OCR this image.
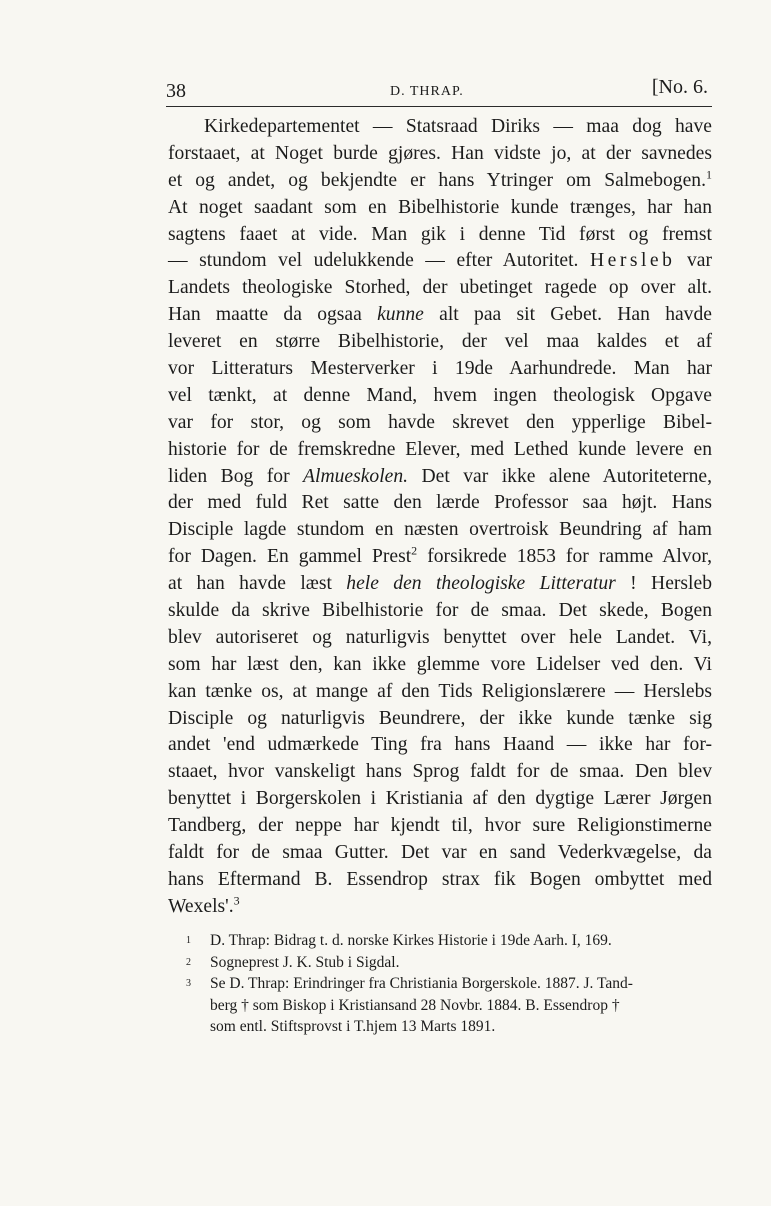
38	D. THRAP.	[No. 6.
Kirkedepartementet — Statsraad Diriks — maa dog have
forstaaet, at Noget burde gjøres. Han vidste jo, at der savnedes
et og andet, og bekjendte er hans Ytringer om Salmebogen.$^1$
At noget saadant som en Bibelhistorie kunde trænges, har han
sagtens faaet at vide. Man gik i denne Tid først og fremst
— stundom vel udelukkende — efter Autoritet. Hersleb var
Landets theologiske Storhed, der ubetinget ragede op over alt.
Han maatte da ogsaa kunne alt paa sit Gebet. Han havde
leveret en større Bibelhistorie, der vel maa kaldes et af
vor Litteraturs Mesterverker i 19de Aarhundrede. Man har
vel tænkt, at denne Mand, hvem ingen theologisk Opgave
var for stor, og som havde skrevet den ypperlige Bibel-
historie for de fremskredne Elever, med Lethed kunde levere en
liden Bog for Almueskolen. Det var ikke alene Autoriteterne,
der med fuld Ret satte den lærde Professor saa højt. Hans
Disciple lagde stundom en næsten overtroisk Beundring af ham
for Dagen. En gammel Prest$^2$ forsikrede 1853 for ramme Alvor,
at han havde læst hele den theologiske Litteratur ! Hersleb
skulde da skrive Bibelhistorie for de smaa. Det skede, Bogen
blev autoriseret og naturligvis benyttet over hele Landet. Vi,
som har læst den, kan ikke glemme vore Lidelser ved den. Vi
kan tænke os, at mange af den Tids Religionslærere — Herslebs
Disciple og naturligvis Beundrere, der ikke kunde tænke sig
andet 'end udmærkede Ting fra hans Haand — ikke har for-
staaet, hvor vanskeligt hans Sprog faldt for de smaa. Den blev
benyttet i Borgerskolen i Kristiania af den dygtige Lærer Jørgen
Tandberg, der neppe har kjendt til, hvor sure Religionstimerne
faldt for de smaa Gutter. Det var en sand Vederkvægelse, da
hans Eftermand B. Essendrop strax fik Bogen ombyttet med
Wexels'.$^3$
1 D. Thrap: Bidrag t. d. norske Kirkes Historie i 19de Aarh. I, 169.
2 Sogneprest J. K. Stub i Sigdal.
3 Se D. Thrap: Erindringer fra Christiania Borgerskole. 1887. J. Tand-
berg † som Biskop i Kristiansand 28 Novbr. 1884. B. Essendrop †
som entl. Stiftsprovst i T.hjem 13 Marts 1891.
